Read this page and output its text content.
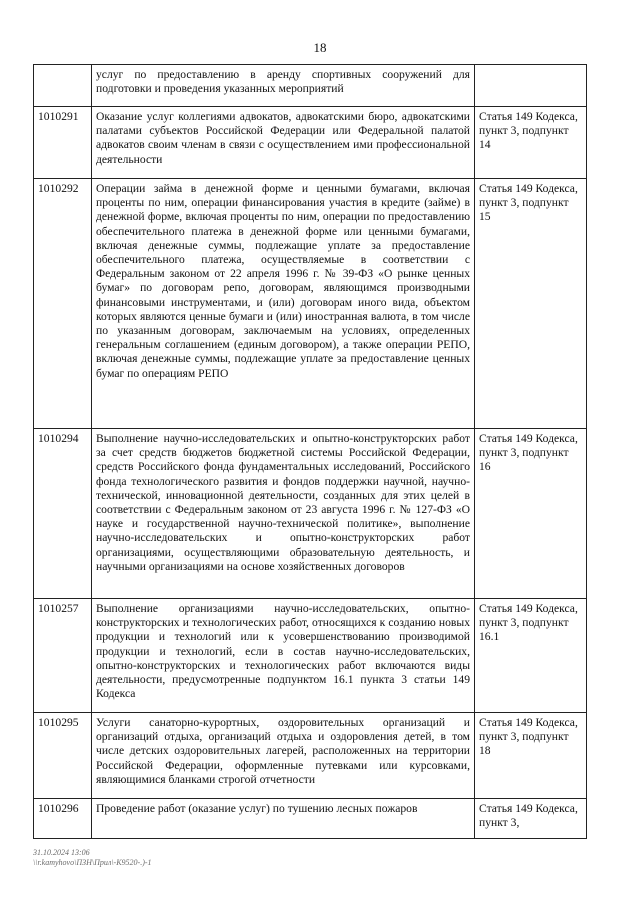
18
	услуг по предоставлению в аренду спортивных сооружений для подготовки и проведения указанных мероприятий	
1010291	Оказание услуг коллегиями адвокатов, адвокатскими бюро, адвокатскими палатами субъектов Российской Федерации или Федеральной палатой адвокатов своим членам в связи с осуществлением ими профессиональной деятельности	Статья 149 Кодекса, пункт 3, подпункт 14
1010292	Операции займа в денежной форме и ценными бумагами, включая проценты по ним, операции финансирования участия в кредите (займе) в денежной форме, включая проценты по ним, операции по предоставлению обеспечительного платежа в денежной форме или ценными бумагами, включая денежные суммы, подлежащие уплате за предоставление обеспечительного платежа, осуществляемые в соответствии с Федеральным законом от 22 апреля 1996 г. № 39-ФЗ «О рынке ценных бумаг» по договорам репо, договорам, являющимся производными финансовыми инструментами, и (или) договорам иного вида, объектом которых являются ценные бумаги и (или) иностранная валюта, в том числе по указанным договорам, заключаемым на условиях, определенных генеральным соглашением (единым договором), а также операции РЕПО, включая денежные суммы, подлежащие уплате за предоставление ценных бумаг по операциям РЕПО	Статья 149 Кодекса, пункт 3, подпункт 15
1010294	Выполнение научно-исследовательских и опытно-конструкторских работ за счет средств бюджетов бюджетной системы Российской Федерации, средств Российского фонда фундаментальных исследований, Российского фонда технологического развития и фондов поддержки научной, научно-технической, инновационной деятельности, созданных для этих целей в соответствии с Федеральным законом от 23 августа 1996 г. № 127-ФЗ «О науке и государственной научно-технической политике», выполнение научно-исследовательских и опытно-конструкторских работ организациями, осуществляющими образовательную деятельность, и научными организациями на основе хозяйственных договоров	Статья 149 Кодекса, пункт 3, подпункт 16
1010257	Выполнение организациями научно-исследовательских, опытно-конструкторских и технологических работ, относящихся к созданию новых продукции и технологий или к усовершенствованию производимой продукции и технологий, если в состав научно-исследовательских, опытно-конструкторских и технологических работ включаются виды деятельности, предусмотренные подпунктом 16.1 пункта 3 статьи 149 Кодекса	Статья 149 Кодекса, пункт 3, подпункт 16.1
1010295	Услуги санаторно-курортных, оздоровительных организаций и организаций отдыха, организаций отдыха и оздоровления детей, в том числе детских оздоровительных лагерей, расположенных на территории Российской Федерации, оформленные путевками или курсовками, являющимися бланками строгой отчетности	Статья 149 Кодекса, пункт 3, подпункт 18
1010296	Проведение работ (оказание услуг) по тушению лесных пожаров	Статья 149 Кодекса, пункт 3,
31.10.2024 13:06
\\r.kamyhovo\ПЗН\Прил\-К9520-.)-1
